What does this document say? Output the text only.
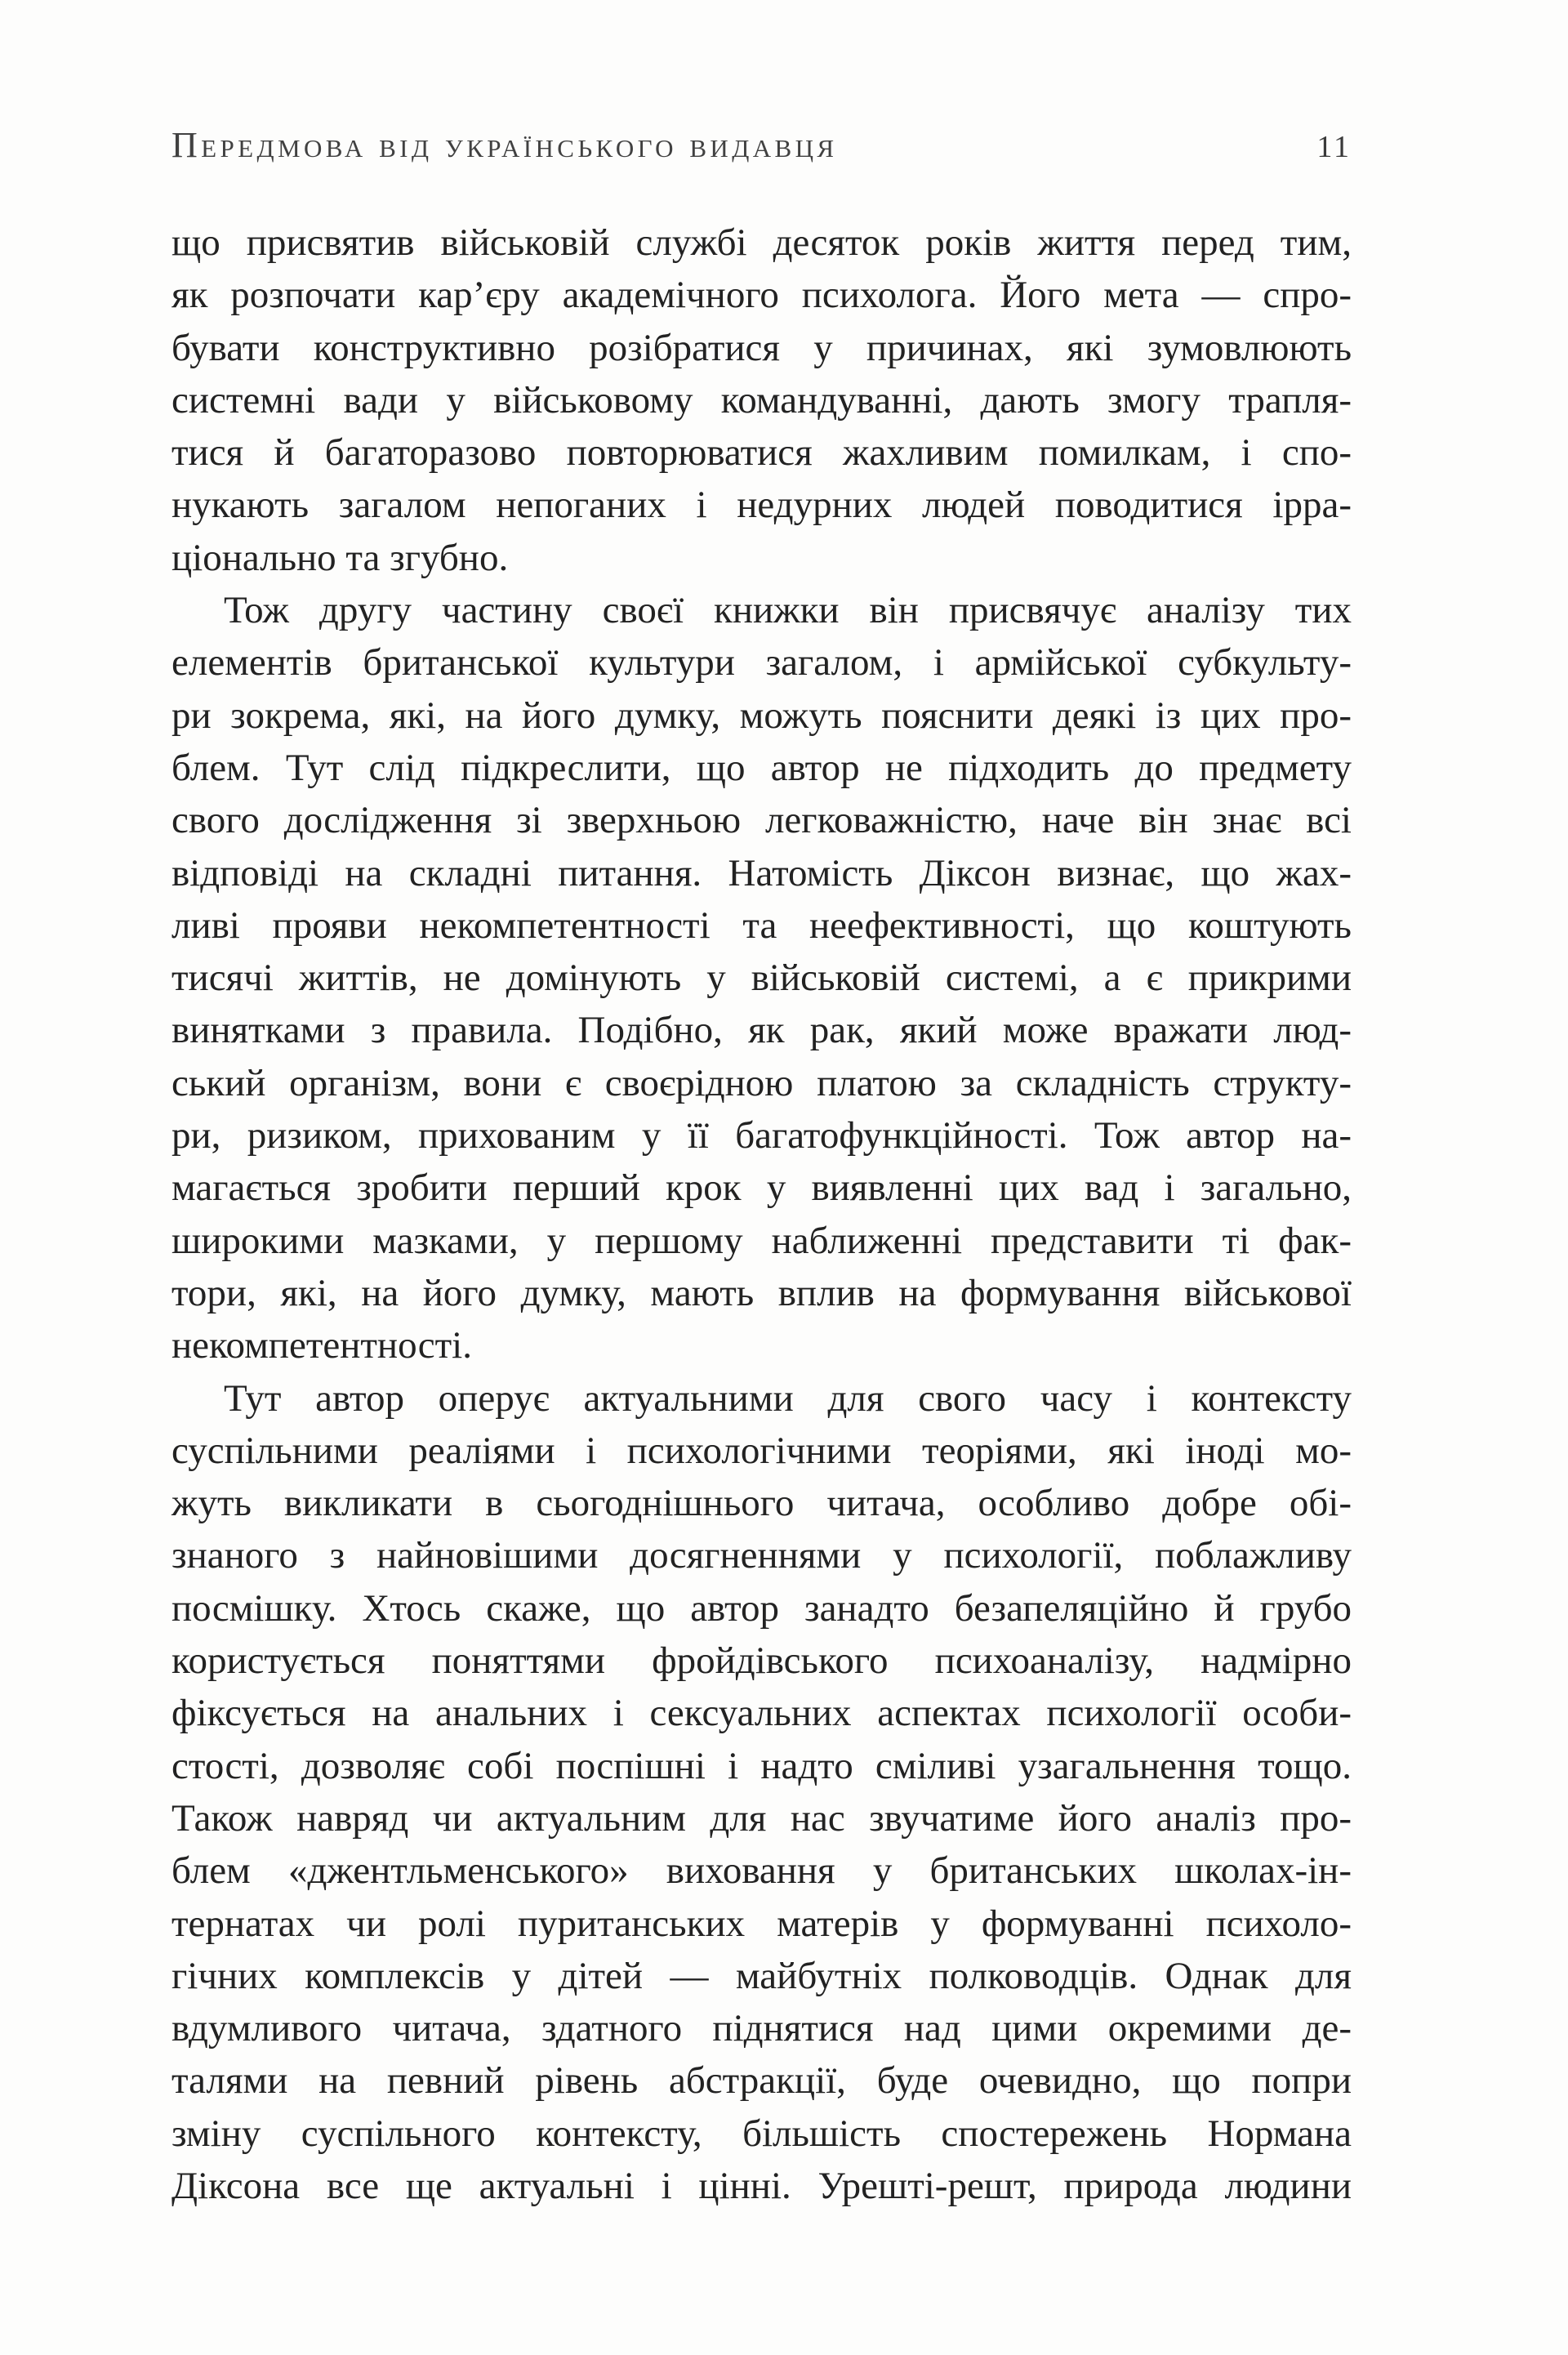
Передмова від українського видавця	11
що присвятив військовій службі десяток років життя перед тим,
як розпочати кар’єру академічного психолога. Його мета — спро-
бувати конструктивно розібратися у причинах, які зумовлюють
системні вади у військовому командуванні, дають змогу трапля-
тися й багаторазово повторюватися жахливим помилкам, і спо-
нукають загалом непоганих і недурних людей поводитися ірра-
ціонально та згубно.
Тож другу частину своєї книжки він присвячує аналізу тих
елементів британської культури загалом, і армійської субкульту-
ри зокрема, які, на його думку, можуть пояснити деякі із цих про-
блем. Тут слід підкреслити, що автор не підходить до предмету
свого дослідження зі зверхньою легковажністю, наче він знає всі
відповіді на складні питання. Натомість Діксон визнає, що жах-
ливі прояви некомпетентності та неефективності, що коштують
тисячі життів, не домінують у військовій системі, а є прикрими
винятками з правила. Подібно, як рак, який може вражати люд-
ський організм, вони є своєрідною платою за складність структу-
ри, ризиком, прихованим у її багатофункційності. Тож автор на-
магається зробити перший крок у виявленні цих вад і загально,
широкими мазками, у першому наближенні представити ті фак-
тори, які, на його думку, мають вплив на формування військової
некомпетентності.
Тут автор оперує актуальними для свого часу і контексту
суспільними реаліями і психологічними теоріями, які іноді мо-
жуть викликати в сьогоднішнього читача, особливо добре обі-
знаного з найновішими досягненнями у психології, поблажливу
посмішку. Хтось скаже, що автор занадто безапеляційно й грубо
користується поняттями фройдівського психоаналізу, надмірно
фіксується на анальних і сексуальних аспектах психології особи-
стості, дозволяє собі поспішні і надто сміливі узагальнення тощо.
Також навряд чи актуальним для нас звучатиме його аналіз про-
блем «джентльменського» виховання у британських школах-ін-
тернатах чи ролі пуританських матерів у формуванні психоло-
гічних комплексів у дітей — майбутніх полководців. Однак для
вдумливого читача, здатного піднятися над цими окремими де-
талями на певний рівень абстракції, буде очевидно, що попри
зміну суспільного контексту, більшість спостережень Нормана
Діксона все ще актуальні і цінні. Урешті-решт, природа людини
